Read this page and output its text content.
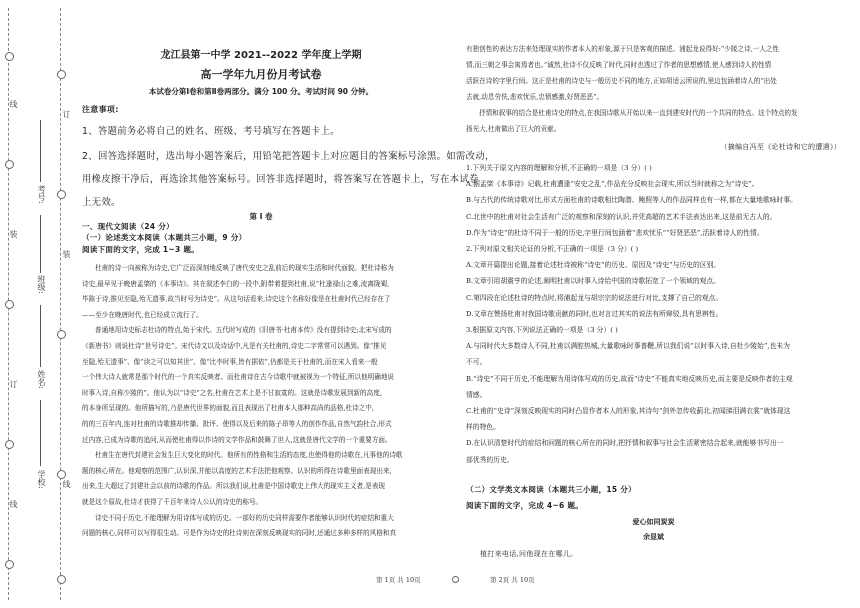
线
装
订
线
订
装
线
学校:
姓名:
班级:
考号:
龙江县第一中学 2021--2022 学年度上学期
高一学年九月份月考试卷
本试卷分第Ⅰ卷和第Ⅱ卷两部分。满分 100 分。考试时间 90 分钟。
注意事项:
1、答题前务必将自己的姓名、班级、考号填写在答题卡上。
2、回答选择题时，选出每小题答案后，用铅笔把答题卡上对应题目的答案标号涂黑。如需改动，
用橡皮擦干净后，再选涂其他答案标号。回答非选择题时，将答案写在答题卡上，写在本试卷
上无效。
第 Ⅰ 卷
一、现代文阅读（24 分）
（一）论述类文本阅读（本题共三小题，9 分）
阅读下面的文字，完成 1~3 题。
杜甫的诗一向被称为诗史,它广泛而深刻地反映了唐代安史之乱前后的现实生活和时代面貌。把杜诗称为
诗史,最早见于晚唐孟棨的《本事诗》。其在叙述李白的一段中,附带着提到杜甫,说“杜逢禄山之难,流离陇蜀,
毕陈于诗,推见至隐,殆无遗事,故当时号为诗史”。从这句话看来,诗史这个名称好像是在杜甫时代已经存在了
——至少在晚唐时代,也已经成立流行了。
普通地用诗史标志杜诗的特点,始于宋代。五代时写成的《旧唐书·杜甫本传》没有提到诗史;北宋写成的
《新唐书》则说杜诗“世号诗史”。宋代诗文以及诗话中,凡是有关杜甫的,诗史二字常常可以遇到。像“推见
至隐,殆无遗事”、像“读之可以知其世”、像“比李时事,皆有据依”,仍都是关于杜甫的,而在宋人看来一般
一个伟大诗人就常是那个时代的一个真实反映者。而杜甫诗在古今诗歌中就被视为一个特征,所以他明确地说
时事入诗,自称少陵的”。他认为以“诗史”之名,杜甫在艺术上是不甘寂寞的。这就是诗歌发展到新的高度,
的本身所呈现的。他所描写的,乃是唐代世界的面貌,而且表现出了杜甫本人那种高尚的品格,杜诗之中,
的的三百年内,连对杜甫的诗歌推却传播、批评、使得以及后来的陈子昂等人的创作作品,自然气韵杜合,形式
过内容,已成为诗歌的追问,从而使杜甫得以作诗的文学作品和鼓舞了世人,这就是唐代文学的一个重要方面。
杜甫生在唐代封建社会发生巨大变化的时代。他所有的性格和生活的态度,也使得他的诗歌在,凡事他的诗歌
题的核心所在。他观察的范围广,认识深,并能以高度的艺术手法把他观察、认识的所得在诗歌里面表现出来,
出来,生大超过了封建社会以前的诗歌的作品。所以我们说,杜甫是中国诗歌史上伟大的现实主义者,是表现
就是这个原故,杜诗才获得了千百年来诗人公认的诗史的称号。
诗史不同于历史,不能理解为用诗体写成的历史。一部好的历史同样需要作者能够认识时代的症结和重大
问题的核心,同样可以写得很生动。可是作为诗史的杜诗则在深刻反映现实的同时,还通过多种多样的风格和真
有独创性的表达方法来处理现实的作者本人的形象,源于只是客观的描述。浦起龙说得好:“少陵之诗,一人之性
情,而三朝之事会寓焉者也。”诚然,杜诗不仅反映了时代,同时也透过了作者的思想感情,使人感到诗人的性情
活跃在诗的字里行间。这正是杜甫的诗史与一般历史不同的地方,正如胡适云所说的,里边包涵着诗人的“出处
去就,动息劳佚,悲欢忧乐,忠愤感激,好贤恶恶”。
抒情和叙事的结合是杜甫诗史的特点,在我国诗歌从开始以来一直到建安时代的一个共同的特点。这个特点的发
扬光大,杜甫做出了巨大的贡献。
（摘编自冯至《论杜诗和它的遭遇》）
1.下列关于原文内容的理解和分析,不正确的一项是（3 分）( )
A.据孟棨《本事诗》记载,杜甫遭逢“安史之乱”,作品充分反映社会现实,所以当时就称之为“诗史”。
B.与古代的传统诗歌对比,形式方面杜甫的诗歌相比陶潜、鲍照等人的作品同样也有一样,都在大量地歌咏时事。
C.北世中的杜甫对社会生活有广泛的观察和深刻的认识,并凭高超的艺术手法表达出来,这是前无古人的。
D.作为“诗史”的杜诗不同于一般的历史,字里行间包涵着“悲欢忧乐”“好贤恶恶”,活跃着诗人的性情。
2.下列对原文相关论证的分析,不正确的一项是（3 分）( )
A.文章开篇提出论题,接着论述杜诗被称“诗史”的历史、原因及“诗史”与历史的区别。
B.文章引用胡震亨的论述,阐明杜甫以时事入诗给中国的诗歌拓宽了一个领域的观点。
C.第四段在论述杜诗的特点时,将浦起龙与胡宗宗的说法进行对比,支撑了自己的观点。
D.文章在赞扬杜甫对我国诗歌贡献的同时,也对言过其实的说法有所辩驳,具有思辨性。
3.根据原文内容,下列说法正确的一项是（3 分）( )
A.与同时代大多数诗人不同,杜甫以满腔热城,大量歌咏时事普鞭,所以我们说“以时事入诗,自杜少陵始”,也未为
不可。
B.“诗史”不同于历史,不能理解为用诗体写成的历史,故而“诗史”不能真实地反映历史,而主要是反映作者的主观
情感。
C.杜甫的“史诗”深刻反映现实的同时凸显作者本人的形象,其诗句“剑外忽传收蓟北,初闻涕泪满衣裳”就体现这
样的特色。
D.在认识清楚时代的症结和问题的核心所在的同时,把抒情和叙事与社会生活紧密结合起来,就能够书写出一
部优秀的历史。
（二）文学类文本阅读（本题共三小题，15 分）
阅读下面的文字，完成 4~6 题。
爱心如同炭炭
余显斌
植打来电话,问他现在在哪儿。
第 1页 共 10页	第 2页 共 10页
